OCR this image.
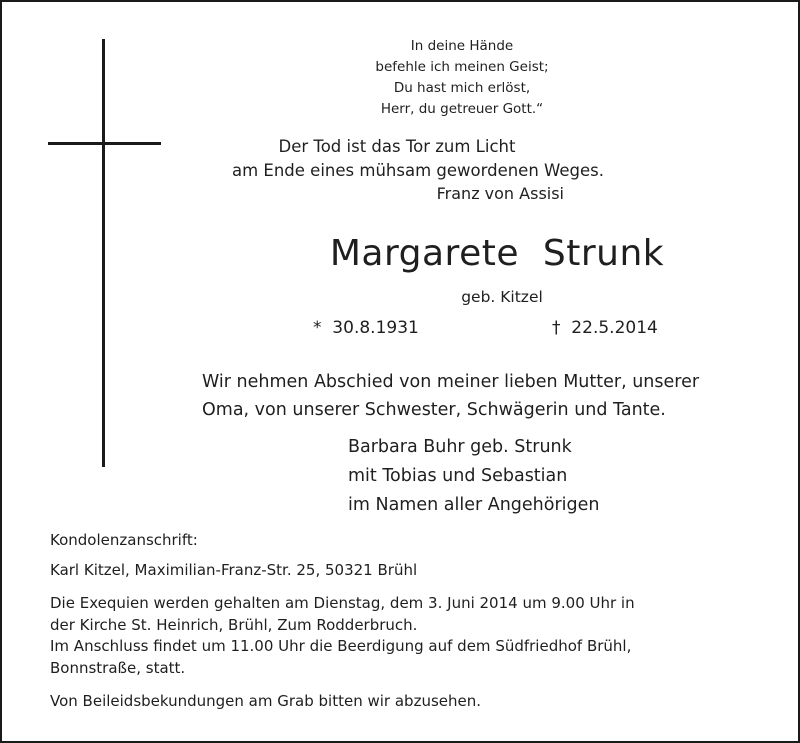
In deine Hände
befehle ich meinen Geist;
Du hast mich erlöst,
Herr, du getreuer Gott.“
Der Tod ist das Tor zum Licht
am Ende eines mühsam gewordenen Weges.
Franz von Assisi
Margarete  Strunk
geb. Kitzel
*  30.8.1931	†  22.5.2014
Wir nehmen Abschied von meiner lieben Mutter, unserer
Oma, von unserer Schwester, Schwägerin und Tante.
Barbara Buhr geb. Strunk
mit Tobias und Sebastian
im Namen aller Angehörigen
Kondolenzanschrift:
Karl Kitzel, Maximilian-Franz-Str. 25, 50321 Brühl
Die Exequien werden gehalten am Dienstag, dem 3. Juni 2014 um 9.00 Uhr in
der Kirche St. Heinrich, Brühl, Zum Rodderbruch.
Im Anschluss findet um 11.00 Uhr die Beerdigung auf dem Südfriedhof Brühl,
Bonnstraße, statt.
Von Beileidsbekundungen am Grab bitten wir abzusehen.
